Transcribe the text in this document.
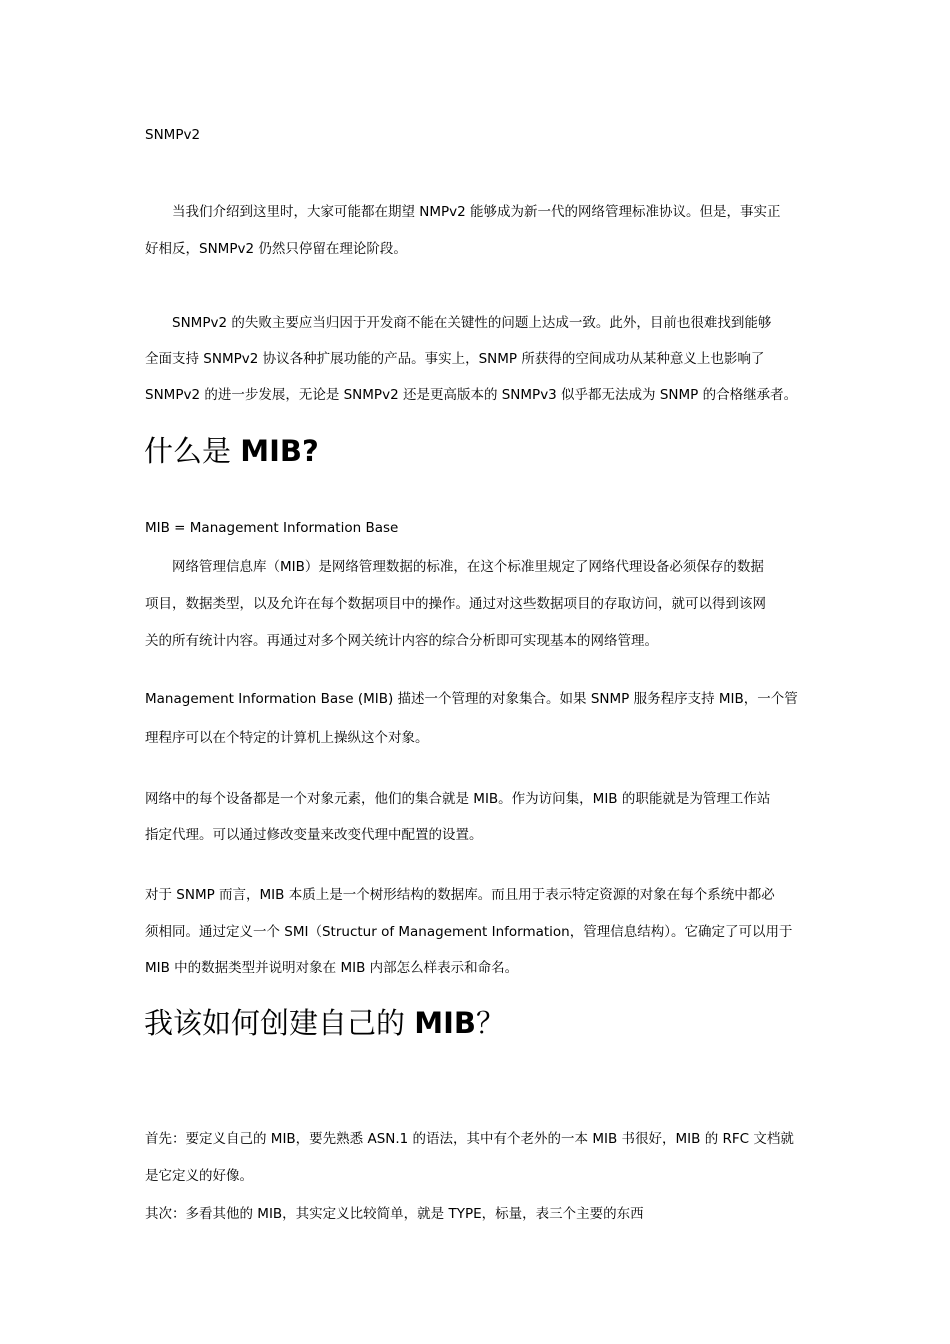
SNMPv2

当我们介绍到这里时，大家可能都在期望 NMPv2 能够成为新一代的网络管理标准协议。但是，事实正

好相反，SNMPv2 仍然只停留在理论阶段。

SNMPv2 的失败主要应当归因于开发商不能在关键性的问题上达成一致。此外，目前也很难找到能够

全面支持 SNMPv2 协议各种扩展功能的产品。事实上，SNMP 所获得的空间成功从某种意义上也影响了

SNMPv2 的进一步发展，无论是 SNMPv2 还是更高版本的 SNMPv3 似乎都无法成为 SNMP 的合格继承者。

什么是 MIB?

MIB = Management Information Base

网络管理信息库（MIB）是网络管理数据的标准，在这个标准里规定了网络代理设备必须保存的数据

项目，数据类型，以及允许在每个数据项目中的操作。通过对这些数据项目的存取访问，就可以得到该网

关的所有统计内容。再通过对多个网关统计内容的综合分析即可实现基本的网络管理。

Management Information Base (MIB) 描述一个管理的对象集合。如果 SNMP 服务程序支持 MIB，一个管

理程序可以在个特定的计算机上操纵这个对象。

网络中的每个设备都是一个对象元素，他们的集合就是 MIB。作为访问集，MIB 的职能就是为管理工作站

指定代理。可以通过修改变量来改变代理中配置的设置。

对于 SNMP 而言，MIB 本质上是一个树形结构的数据库。而且用于表示特定资源的对象在每个系统中都必

须相同。通过定义一个 SMI（Structur of Management Information，管理信息结构）。它确定了可以用于

MIB 中的数据类型并说明对象在 MIB 内部怎么样表示和命名。

我该如何创建自己的 MIB？

首先：要定义自己的 MIB，要先熟悉 ASN.1 的语法，其中有个老外的一本 MIB 书很好，MIB 的 RFC 文档就

是它定义的好像。

其次：多看其他的 MIB，其实定义比较简单，就是 TYPE，标量，表三个主要的东西
